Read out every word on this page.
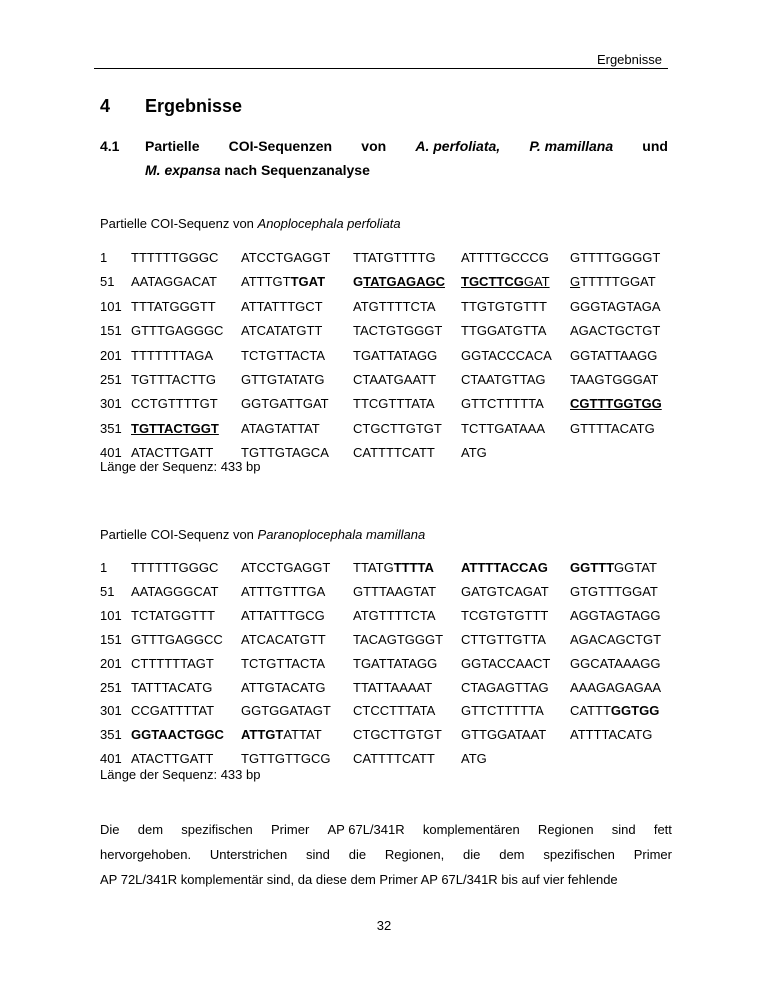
Ergebnisse
4 Ergebnisse
4.1 Partielle COI-Sequenzen von A. perfoliata, P. mamillana und
M. expansa nach Sequenzanalyse
Partielle COI-Sequenz von Anoplocephala perfoliata
1 TTTTTTGGGC ATCCTGAGGT TTATGTTTTG ATTTTGCCCG GTTTTGGGGT
51 AATAGGACAT ATTTGTTGAT GTATGAGAGC TGCTTCGGAT GTTTTTGGAT
101 TTTATGGGTT ATTATTTGCT ATGTTTTCTA TTGTGTGTTT GGGTAGTAGA
151 GTTTGAGGGC ATCATATGTT TACTGTGGGT TTGGATGTTA AGACTGCTGT
201 TTTTTTTAGA TCTGTTACTA TGATTATAGG GGTACCCACA GGTATTAAGG
251 TGTTTACTTG GTTGTATATG CTAATGAATT CTAATGTTAG TAAGTGGGAT
301 CCTGTTTTGT GGTGATTGAT TTCGTTTATA GTTCTTTTTA CGTTTGGTGG
351 TGTTACTGGT ATAGTATTAT	CTGCTTGTGT TCTTGATAAA GTTTTACATG
401 ATACTTGATT TGTTGTAGCA CATTTTCATT ATG
Länge der Sequenz: 433 bp
Partielle COI-Sequenz von Paranoplocephala mamillana
1 TTTTTTGGGC ATCCTGAGGT TTATGTTTTA ATTTTACCAG GGTTTGGTAT
51 AATAGGGCAT ATTTGTTTGA GTTTAAGTAT GATGTCAGAT GTGTTTGGAT
101 TCTATGGTTT ATTATTTGCG ATGTTTTCTA TCGTGTGTTT AGGTAGTAGG
151 GTTTGAGGCC ATCACATGTT TACAGTGGGT CTTGTTGTTA AGACAGCTGT
201 CTTTTTTAGT TCTGTTACTA TGATTATAGG GGTACCAACT GGCATAAAGG
251 TATTTACATG ATTGTACATG TTATTAAAAT CTAGAGTTAG AAAGAGAGAA
301 CCGATTTTAT GGTGGATAGT CTCCTTTATA GTTCTTTTTA CATTTGGTGG
351 GGTAACTGGC ATTGTATTAT CTGCTTGTGT GTTGGATAAT ATTTTACATG
401 ATACTTGATT TGTTGTTGCG CATTTTCATT ATG
Länge der Sequenz: 433 bp
Die dem spezifischen Primer AP 67L/341R komplementären Regionen sind fett
hervorgehoben. Unterstrichen sind die Regionen, die dem spezifischen Primer
AP 72L/341R komplementär sind, da diese dem Primer AP 67L/341R bis auf vier fehlende
32
